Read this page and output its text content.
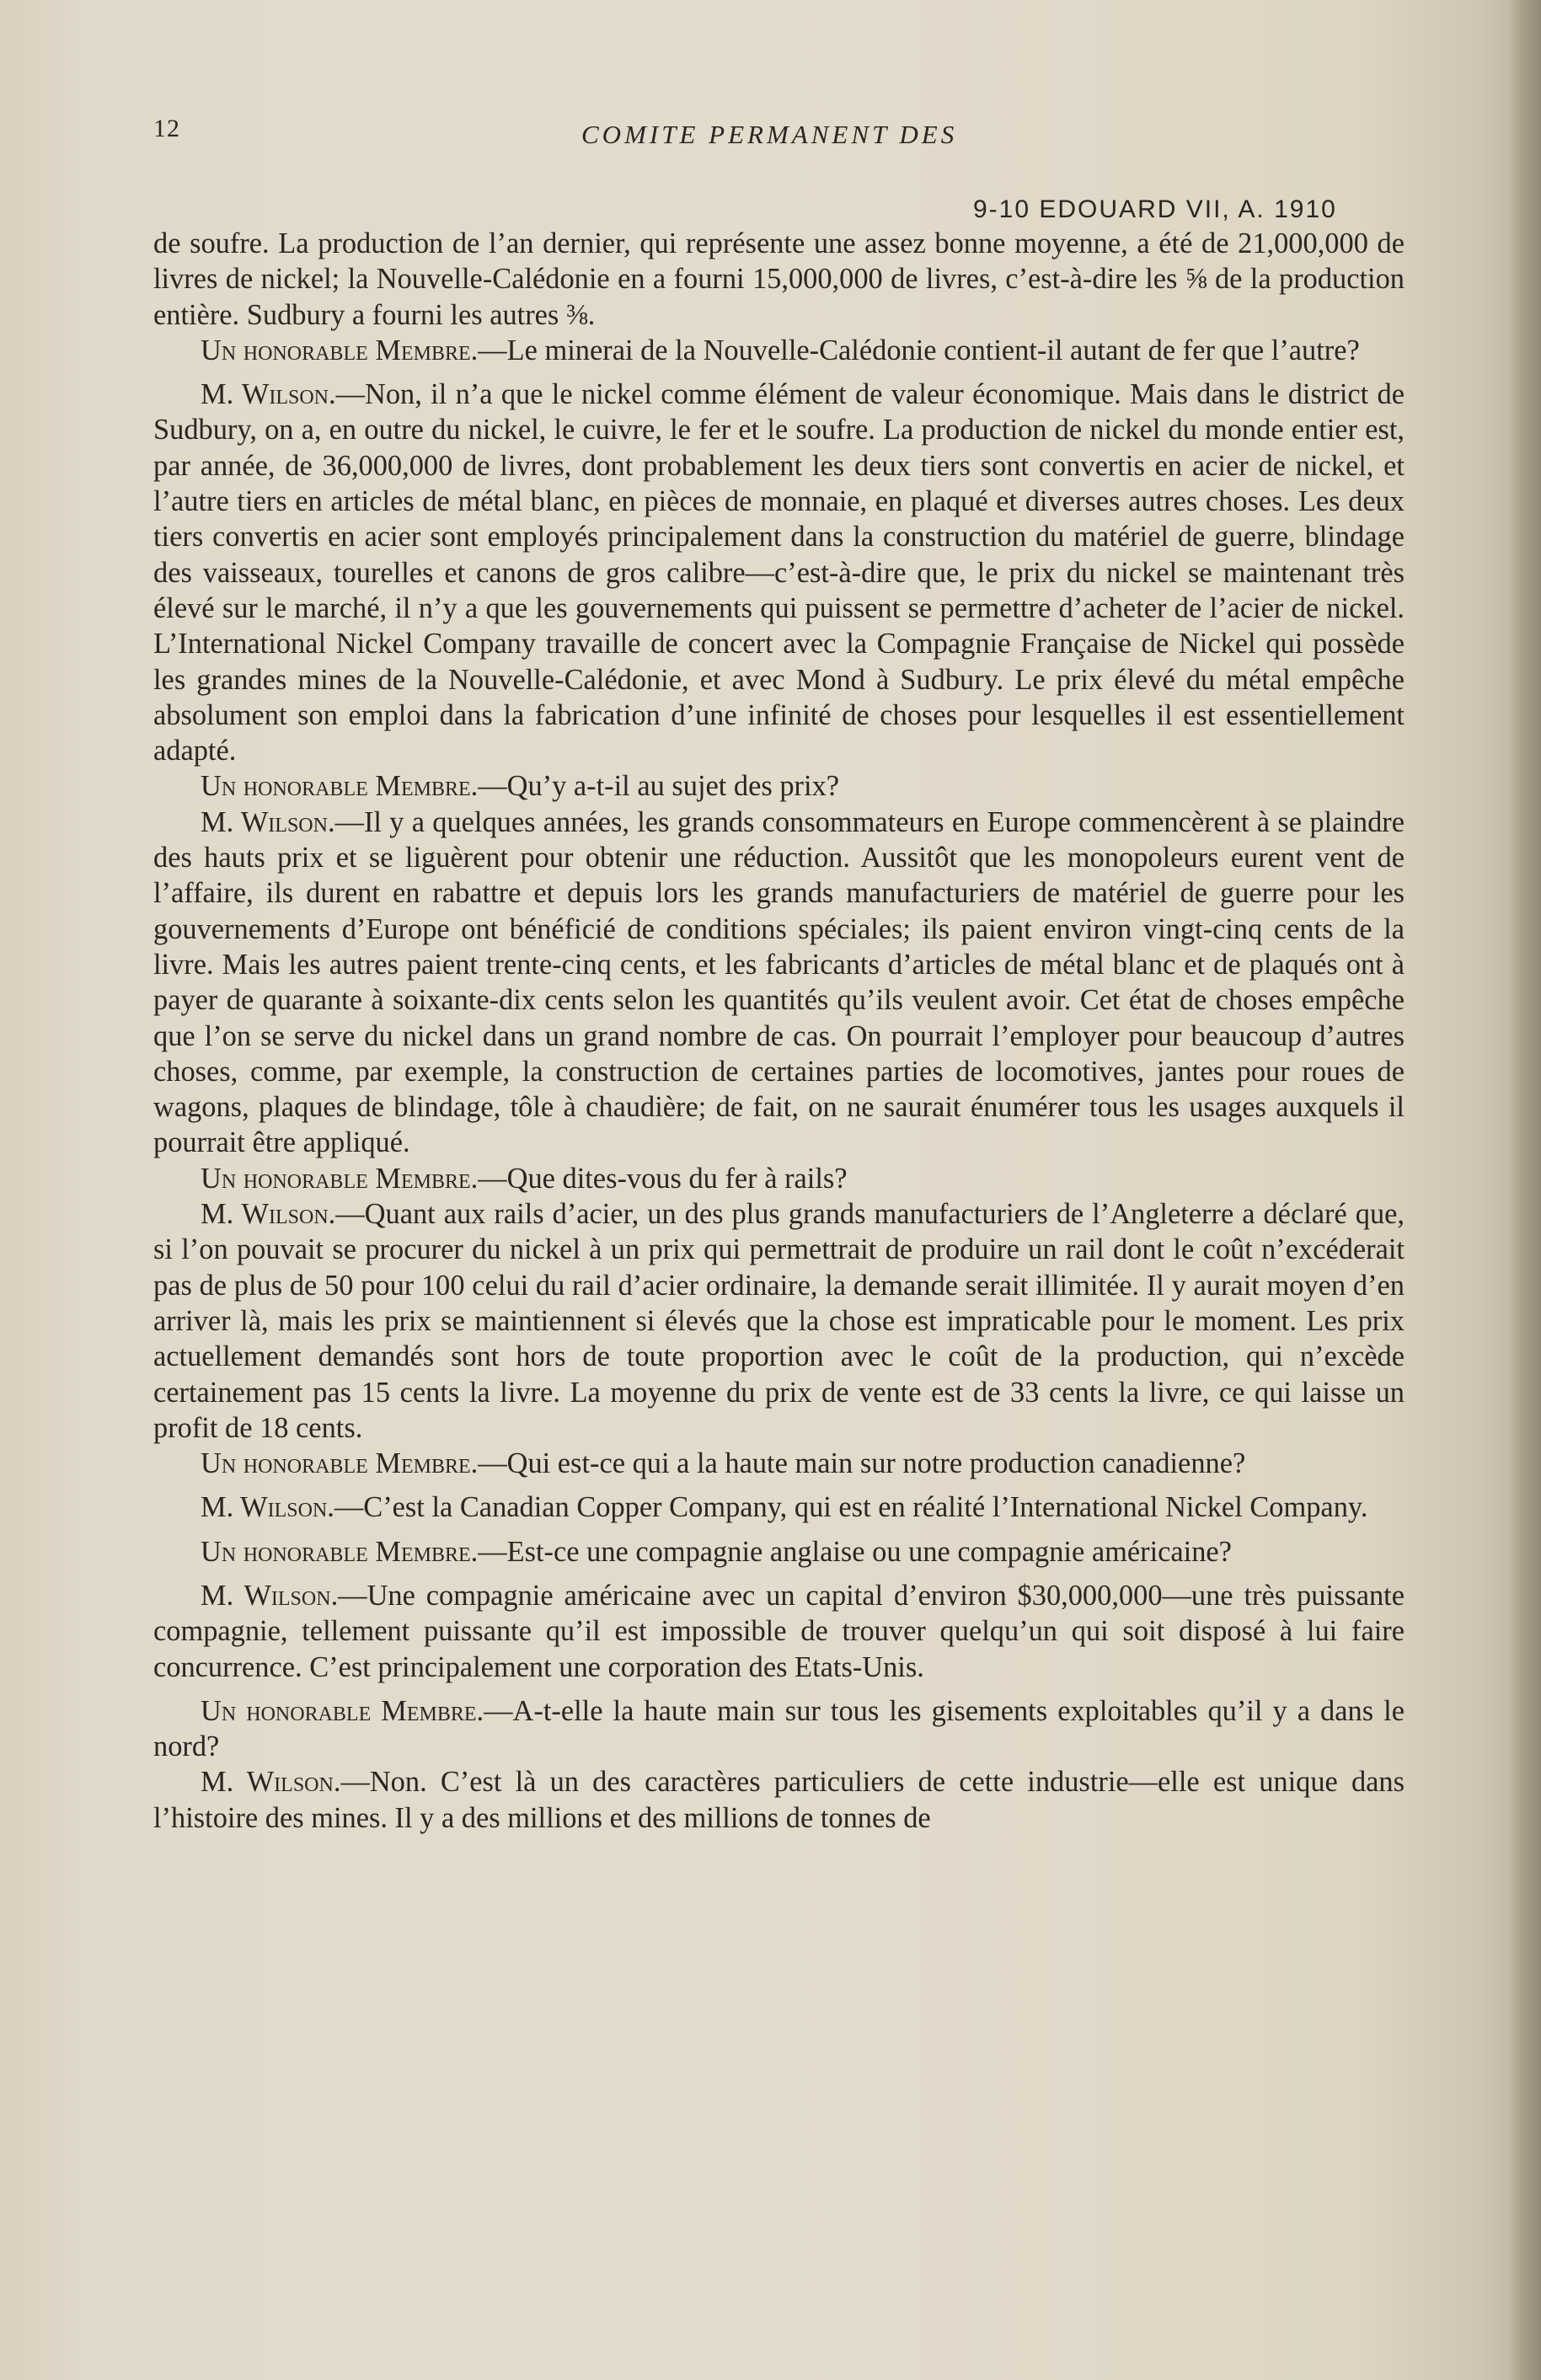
12	COMITE PERMANENT DES
9-10 EDOUARD VII, A. 1910

de soufre. La production de l’an dernier, qui représente une assez bonne moyenne, a été de 21,000,000 de livres de nickel; la Nouvelle-Calédonie en a fourni 15,000,000 de livres, c’est-à-dire les ⅝ de la production entière. Sudbury a fourni les autres ⅜.

Un honorable Membre.—Le minerai de la Nouvelle-Calédonie contient-il autant de fer que l’autre?

M. Wilson.—Non, il n’a que le nickel comme élément de valeur économique. Mais dans le district de Sudbury, on a, en outre du nickel, le cuivre, le fer et le soufre. La production de nickel du monde entier est, par année, de 36,000,000 de livres, dont probablement les deux tiers sont convertis en acier de nickel, et l’autre tiers en articles de métal blanc, en pièces de monnaie, en plaqué et diverses autres choses. Les deux tiers convertis en acier sont employés principalement dans la construction du matériel de guerre, blindage des vaisseaux, tourelles et canons de gros calibre—c’est-à-dire que, le prix du nickel se maintenant très élevé sur le marché, il n’y a que les gouvernements qui puissent se permettre d’acheter de l’acier de nickel. L’International Nickel Company travaille de concert avec la Compagnie Française de Nickel qui possède les grandes mines de la Nouvelle-Calédonie, et avec Mond à Sudbury. Le prix élevé du métal empêche absolument son emploi dans la fabrication d’une infinité de choses pour lesquelles il est essentiellement adapté.

Un honorable Membre.—Qu’y a-t-il au sujet des prix?

M. Wilson.—Il y a quelques années, les grands consommateurs en Europe commencèrent à se plaindre des hauts prix et se liguèrent pour obtenir une réduction. Aussitôt que les monopoleurs eurent vent de l’affaire, ils durent en rabattre et depuis lors les grands manufacturiers de matériel de guerre pour les gouvernements d’Europe ont bénéficié de conditions spéciales; ils paient environ vingt-cinq cents de la livre. Mais les autres paient trente-cinq cents, et les fabricants d’articles de métal blanc et de plaqués ont à payer de quarante à soixante-dix cents selon les quantités qu’ils veulent avoir. Cet état de choses empêche que l’on se serve du nickel dans un grand nombre de cas. On pourrait l’employer pour beaucoup d’autres choses, comme, par exemple, la construction de certaines parties de locomotives, jantes pour roues de wagons, plaques de blindage, tôle à chaudière; de fait, on ne saurait énumérer tous les usages auxquels il pourrait être appliqué.

Un honorable Membre.—Que dites-vous du fer à rails?

M. Wilson.—Quant aux rails d’acier, un des plus grands manufacturiers de l’Angleterre a déclaré que, si l’on pouvait se procurer du nickel à un prix qui permettrait de produire un rail dont le coût n’excéderait pas de plus de 50 pour 100 celui du rail d’acier ordinaire, la demande serait illimitée. Il y aurait moyen d’en arriver là, mais les prix se maintiennent si élevés que la chose est impraticable pour le moment. Les prix actuellement demandés sont hors de toute proportion avec le coût de la production, qui n’excède certainement pas 15 cents la livre. La moyenne du prix de vente est de 33 cents la livre, ce qui laisse un profit de 18 cents.

Un honorable Membre.—Qui est-ce qui a la haute main sur notre production canadienne?

M. Wilson.—C’est la Canadian Copper Company, qui est en réalité l’International Nickel Company.

Un honorable Membre.—Est-ce une compagnie anglaise ou une compagnie américaine?

M. Wilson.—Une compagnie américaine avec un capital d’environ $30,000,000—une très puissante compagnie, tellement puissante qu’il est impossible de trouver quelqu’un qui soit disposé à lui faire concurrence. C’est principalement une corporation des Etats-Unis.

Un honorable Membre.—A-t-elle la haute main sur tous les gisements exploitables qu’il y a dans le nord?

M. Wilson.—Non. C’est là un des caractères particuliers de cette industrie—elle est unique dans l’histoire des mines. Il y a des millions et des millions de tonnes de
